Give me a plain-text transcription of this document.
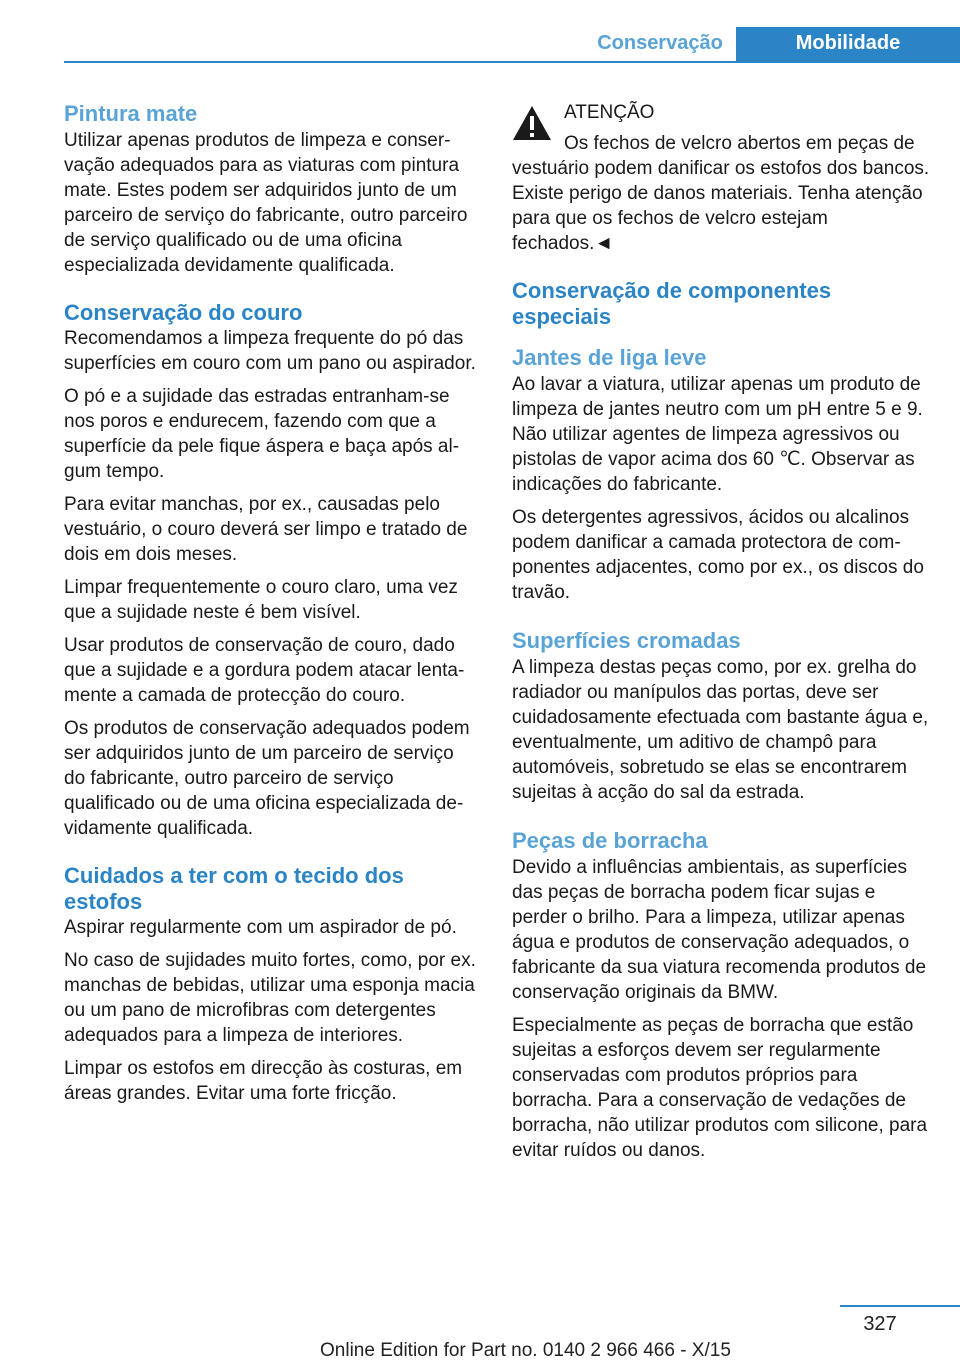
Conservação	Mobilidade
Pintura mate

Utilizar apenas produtos de limpeza e conservação adequados para as viaturas com pintura mate. Estes podem ser adquiridos junto de um parceiro de serviço do fabricante, outro parceiro de serviço qualificado ou de uma oficina especializada devidamente qualificada.

Conservação do couro

Recomendamos a limpeza frequente do pó das superfícies em couro com um pano ou aspirador.

O pó e a sujidade das estradas entranham-se nos poros e endurecem, fazendo com que a superfície da pele fique áspera e baça após algum tempo.

Para evitar manchas, por ex., causadas pelo vestuário, o couro deverá ser limpo e tratado de dois em dois meses.

Limpar frequentemente o couro claro, uma vez que a sujidade neste é bem visível.

Usar produtos de conservação de couro, dado que a sujidade e a gordura podem atacar lentamente a camada de protecção do couro.

Os produtos de conservação adequados podem ser adquiridos junto de um parceiro de serviço do fabricante, outro parceiro de serviço qualificado ou de uma oficina especializada devidamente qualificada.

Cuidados a ter com o tecido dos estofos

Aspirar regularmente com um aspirador de pó.

No caso de sujidades muito fortes, como, por ex. manchas de bebidas, utilizar uma esponja macia ou um pano de microfibras com detergentes adequados para a limpeza de interiores.

Limpar os estofos em direcção às costuras, em áreas grandes. Evitar uma forte fricção.

ATENÇÃO
Os fechos de velcro abertos em peças de

vestuário podem danificar os estofos dos bancos. Existe perigo de danos materiais. Tenha atenção para que os fechos de velcro estejam fechados.◄

Conservação de componentes especiais
Jantes de liga leve

Ao lavar a viatura, utilizar apenas um produto de limpeza de jantes neutro com um pH entre 5 e 9. Não utilizar agentes de limpeza agressivos ou pistolas de vapor acima dos 60 ℃. Observar as indicações do fabricante.

Os detergentes agressivos, ácidos ou alcalinos podem danificar a camada protectora de componentes adjacentes, como por ex., os discos do travão.

Superfícies cromadas

A limpeza destas peças como, por ex. grelha do radiador ou manípulos das portas, deve ser cuidadosamente efectuada com bastante água e, eventualmente, um aditivo de champô para automóveis, sobretudo se elas se encontrarem sujeitas à acção do sal da estrada.

Peças de borracha

Devido a influências ambientais, as superfícies das peças de borracha podem ficar sujas e perder o brilho. Para a limpeza, utilizar apenas água e produtos de conservação adequados, o fabricante da sua viatura recomenda produtos de conservação originais da BMW.

Especialmente as peças de borracha que estão sujeitas a esforços devem ser regularmente conservadas com produtos próprios para borracha. Para a conservação de vedações de borracha, não utilizar produtos com silicone, para evitar ruídos ou danos.

327
Online Edition for Part no. 0140 2 966 466 - X/15
